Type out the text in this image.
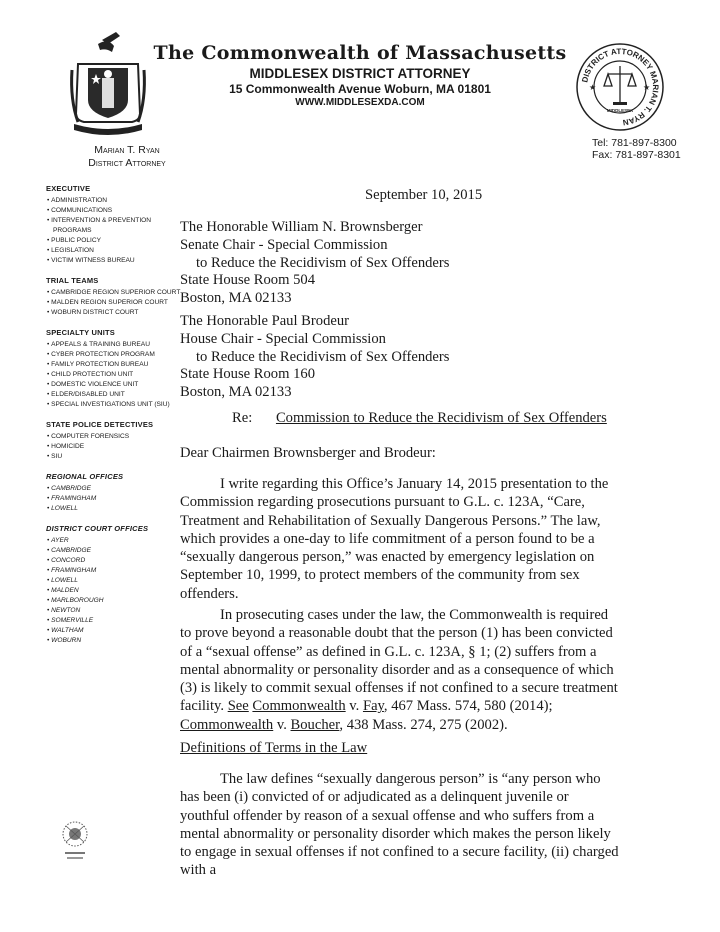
The Commonwealth of Massachusetts
MIDDLESEX DISTRICT ATTORNEY
15 Commonwealth Avenue Woburn, MA 01801
WWW.MIDDLESEXDA.COM
DISTRICT ATTORNEY MARIAN T. RYAN
★	★
MIDDLESEX
Marian T. Ryan
District Attorney
Tel: 781-897-8300
Fax: 781-897-8301
EXECUTIVE
• ADMINISTRATION
• COMMUNICATIONS
• INTERVENTION & PREVENTION PROGRAMS
• PUBLIC POLICY
• LEGISLATION
• VICTIM WITNESS BUREAU
TRIAL TEAMS
• CAMBRIDGE REGION SUPERIOR COURT
• MALDEN REGION SUPERIOR COURT
• WOBURN DISTRICT COURT
SPECIALTY UNITS
• APPEALS & TRAINING BUREAU
• CYBER PROTECTION PROGRAM
• FAMILY PROTECTION BUREAU
• CHILD PROTECTION UNIT
• DOMESTIC VIOLENCE UNIT
• ELDER/DISABLED UNIT
• SPECIAL INVESTIGATIONS UNIT (SIU)
STATE POLICE DETECTIVES
• COMPUTER FORENSICS
• HOMICIDE
• SIU
REGIONAL OFFICES
• CAMBRIDGE
• FRAMINGHAM
• LOWELL
DISTRICT COURT OFFICES
• AYER
• CAMBRIDGE
• CONCORD
• FRAMINGHAM
• LOWELL
• MALDEN
• MARLBOROUGH
• NEWTON
• SOMERVILLE
• WALTHAM
• WOBURN
September 10, 2015
The Honorable William N. Brownsberger
Senate Chair - Special Commission
to Reduce the Recidivism of Sex Offenders
State House Room 504
Boston, MA 02133
The Honorable Paul Brodeur
House Chair - Special Commission
to Reduce the Recidivism of Sex Offenders
State House Room 160
Boston, MA 02133
Re: Commission to Reduce the Recidivism of Sex Offenders
Dear Chairmen Brownsberger and Brodeur:
I write regarding this Office’s January 14, 2015 presentation to the Commission regarding prosecutions pursuant to G.L. c. 123A, “Care, Treatment and Rehabilitation of Sexually Dangerous Persons.” The law, which provides a one-day to life commitment of a person found to be a “sexually dangerous person,” was enacted by emergency legislation on September 10, 1999, to protect members of the community from sex offenders.
In prosecuting cases under the law, the Commonwealth is required to prove beyond a reasonable doubt that the person (1) has been convicted of a “sexual offense” as defined in G.L. c. 123A, § 1; (2) suffers from a mental abnormality or personality disorder and as a consequence of which (3) is likely to commit sexual offenses if not confined to a secure treatment facility. See Commonwealth v. Fay, 467 Mass. 574, 580 (2014); Commonwealth v. Boucher, 438 Mass. 274, 275 (2002).
Definitions of Terms in the Law
The law defines “sexually dangerous person” is “any person who has been (i) convicted of or adjudicated as a delinquent juvenile or youthful offender by reason of a sexual offense and who suffers from a mental abnormality or personality disorder which makes the person likely to engage in sexual offenses if not confined to a secure facility, (ii) charged with a
